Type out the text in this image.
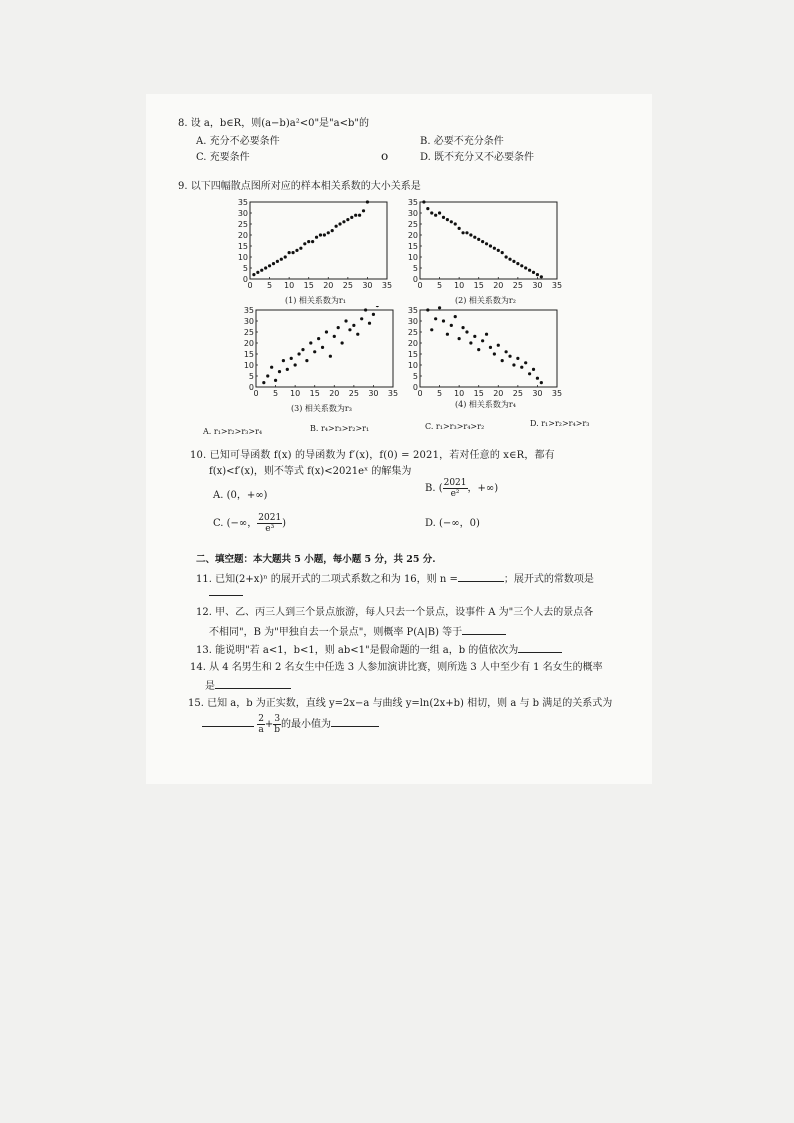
8. 设 a，b∈R，则(a−b)a²<0"是"a<b"的
A. 充分不必要条件	B. 必要不充分条件
C. 充要条件	ο	D. 既不充分又不必要条件
9. 以下四幅散点图所对应的样本相关系数的大小关系是
0 5 10 15 20 25 30 35
0
5
10
15
20
25
30
35
(1) 相关系数为r₁
0 5 10 15 20 25 30 35
0
5
10
15
20
25
30
35
(2) 相关系数为r₂
0 5 10 15 20 25 30 35
0
5
10
15
20
25
30
35
(3) 相关系数为r₃
0 5 10 15 20 25 30 35
0
5
10
15
20
25
30
35
(4) 相关系数为r₄
A. r₁>r₂>r₃>r₄	B. r₄>r₃>r₂>r₁	C. r₁>r₃>r₄>r₂	D. r₁>r₂>r₄>r₃
10. 已知可导函数 f(x) 的导函数为 f′(x)，f(0) = 2021，若对任意的 x∈R，都有
f(x)<f′(x)，则不等式 f(x)<2021eˣ 的解集为
A. (0，+∞)
B. ( $\frac{2021}{\text{e²}}$ ，+∞)
C. (−∞， $\frac{2021}{\text{e³}}$ )	D. (−∞，0)
二、填空题：本大题共 5 小题，每小题 5 分，共 25 分.
11. 已知(2+x)ⁿ 的展开式的二项式系数之和为 16，则 n =	；展开式的常数项是
12. 甲、乙、丙三人到三个景点旅游，每人只去一个景点，设事件 A 为"三个人去的景点各
不相同"，B 为"甲独自去一个景点"，则概率 P(A|B) 等于
13. 能说明"若 a<1，b<1，则 ab<1"是假命题的一组 a，b 的值依次为
14. 从 4 名男生和 2 名女生中任选 3 人参加演讲比赛，则所选 3 人中至少有 1 名女生的概率
是
15. 已知 a，b 为正实数，直线 y=2x−a 与曲线 y=ln(2x+b) 相切，则 a 与 b 满足的关系式为

$\frac{2}{a} + \frac{3}{b}$ 的最小值为
